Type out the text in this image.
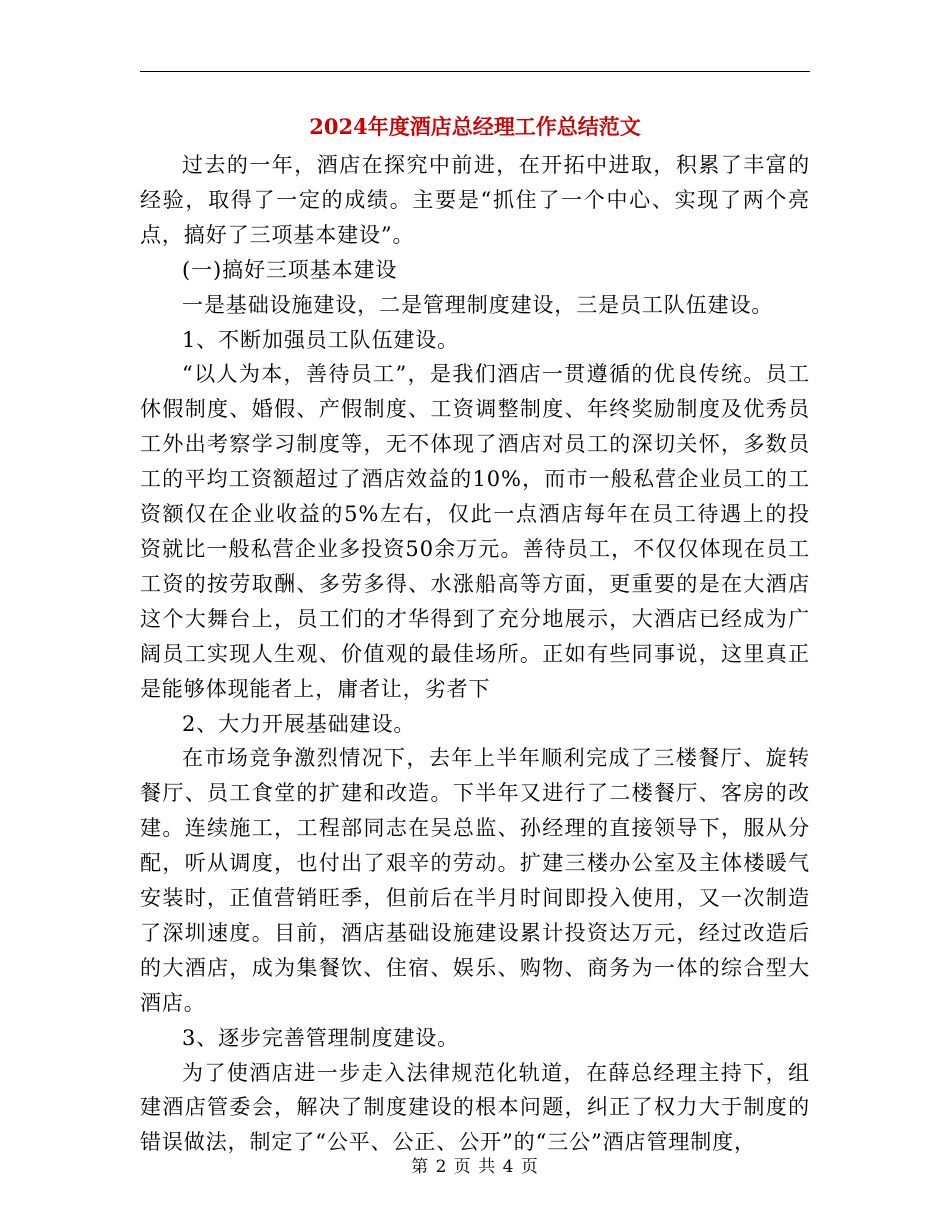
2024年度酒店总经理工作总结范文

过去的一年，酒店在探究中前进，在开拓中进取，积累了丰富的经验，取得了一定的成绩。主要是“抓住了一个中心、实现了两个亮点，搞好了三项基本建设”。

(一)搞好三项基本建设

一是基础设施建设，二是管理制度建设，三是员工队伍建设。

1、不断加强员工队伍建设。

“以人为本，善待员工”，是我们酒店一贯遵循的优良传统。员工休假制度、婚假、产假制度、工资调整制度、年终奖励制度及优秀员工外出考察学习制度等，无不体现了酒店对员工的深切关怀，多数员工的平均工资额超过了酒店效益的10%，而市一般私营企业员工的工资额仅在企业收益的5%左右，仅此一点酒店每年在员工待遇上的投资就比一般私营企业多投资50余万元。善待员工，不仅仅体现在员工工资的按劳取酬、多劳多得、水涨船高等方面，更重要的是在大酒店这个大舞台上，员工们的才华得到了充分地展示，大酒店已经成为广阔员工实现人生观、价值观的最佳场所。正如有些同事说，这里真正是能够体现能者上，庸者让，劣者下

2、大力开展基础建设。

在市场竞争激烈情况下，去年上半年顺利完成了三楼餐厅、旋转餐厅、员工食堂的扩建和改造。下半年又进行了二楼餐厅、客房的改建。连续施工，工程部同志在吴总监、孙经理的直接领导下，服从分配，听从调度，也付出了艰辛的劳动。扩建三楼办公室及主体楼暖气安装时，正值营销旺季，但前后在半月时间即投入使用，又一次制造了深圳速度。目前，酒店基础设施建设累计投资达万元，经过改造后的大酒店，成为集餐饮、住宿、娱乐、购物、商务为一体的综合型大酒店。

3、逐步完善管理制度建设。

为了使酒店进一步走入法律规范化轨道，在薛总经理主持下，组建酒店管委会，解决了制度建设的根本问题，纠正了权力大于制度的错误做法，制定了“公平、公正、公开”的“三公”酒店管理制度，

第 2 页 共 4 页
